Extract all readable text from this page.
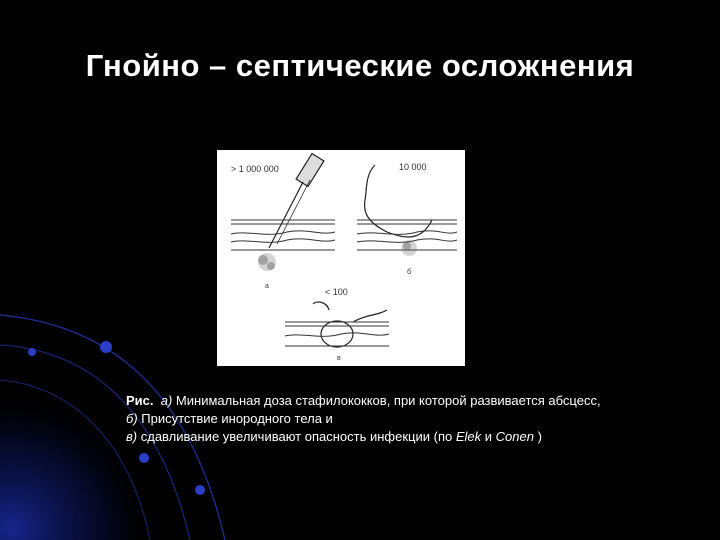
Гнойно – септические осложнения
> 1 000 000
a
10 000
б
< 100
в
Рис. а) Минимальная доза стафилококков, при которой развивается абсцесс,
б) Присутствие инородного тела и
в) сдавливание увеличивают опасность инфекции (по Elek и Conen )
